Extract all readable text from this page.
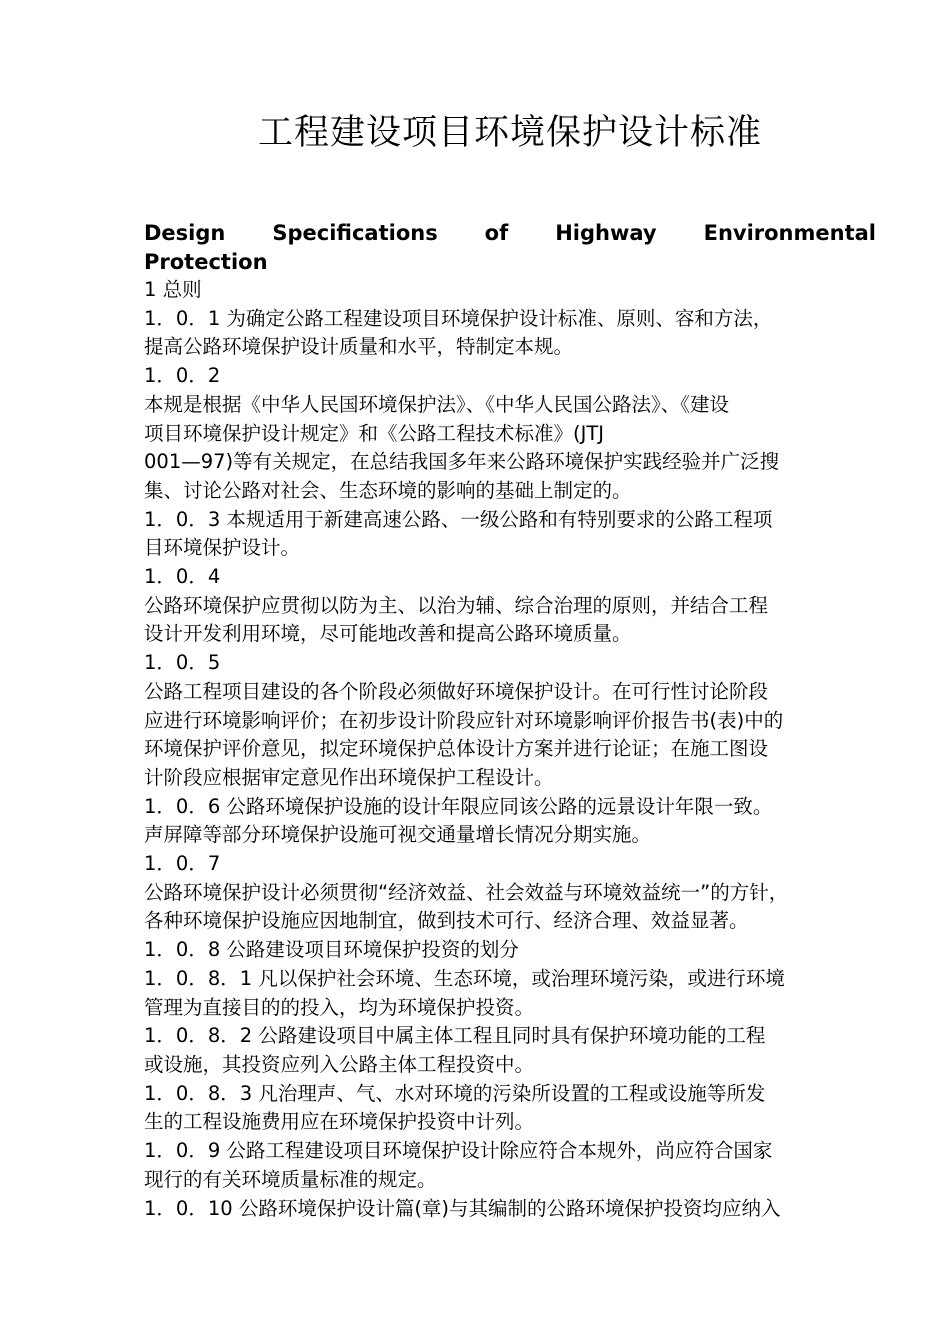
工程建设项目环境保护设计标准
Design Specifications of Highway Environmental
Protection
1 总则
1．0．1 为确定公路工程建设项目环境保护设计标准、原则、容和方法，
提高公路环境保护设计质量和水平，特制定本规。
1．0．2
本规是根据《中华人民国环境保护法》、《中华人民国公路法》、《建设
项目环境保护设计规定》和《公路工程技术标准》(JTJ
001—97)等有关规定，在总结我国多年来公路环境保护实践经验并广泛搜
集、讨论公路对社会、生态环境的影响的基础上制定的。
1．0．3 本规适用于新建高速公路、一级公路和有特别要求的公路工程项
目环境保护设计。
1．0．4
公路环境保护应贯彻以防为主、以治为辅、综合治理的原则，并结合工程
设计开发利用环境，尽可能地改善和提高公路环境质量。
1．0．5
公路工程项目建设的各个阶段必须做好环境保护设计。在可行性讨论阶段
应进行环境影响评价；在初步设计阶段应针对环境影响评价报告书(表)中的
环境保护评价意见，拟定环境保护总体设计方案并进行论证；在施工图设
计阶段应根据审定意见作出环境保护工程设计。
1．0．6 公路环境保护设施的设计年限应同该公路的远景设计年限一致。
声屏障等部分环境保护设施可视交通量增长情况分期实施。
1．0．7
公路环境保护设计必须贯彻“经济效益、社会效益与环境效益统一”的方针，
各种环境保护设施应因地制宜，做到技术可行、经济合理、效益显著。
1．0．8 公路建设项目环境保护投资的划分
1．0．8．1 凡以保护社会环境、生态环境，或治理环境污染，或进行环境
管理为直接目的的投入，均为环境保护投资。
1．0．8．2 公路建设项目中属主体工程且同时具有保护环境功能的工程
或设施，其投资应列入公路主体工程投资中。
1．0．8．3 凡治理声、气、水对环境的污染所设置的工程或设施等所发
生的工程设施费用应在环境保护投资中计列。
1．0．9 公路工程建设项目环境保护设计除应符合本规外，尚应符合国家
现行的有关环境质量标准的规定。
1．0．10 公路环境保护设计篇(章)与其编制的公路环境保护投资均应纳入
